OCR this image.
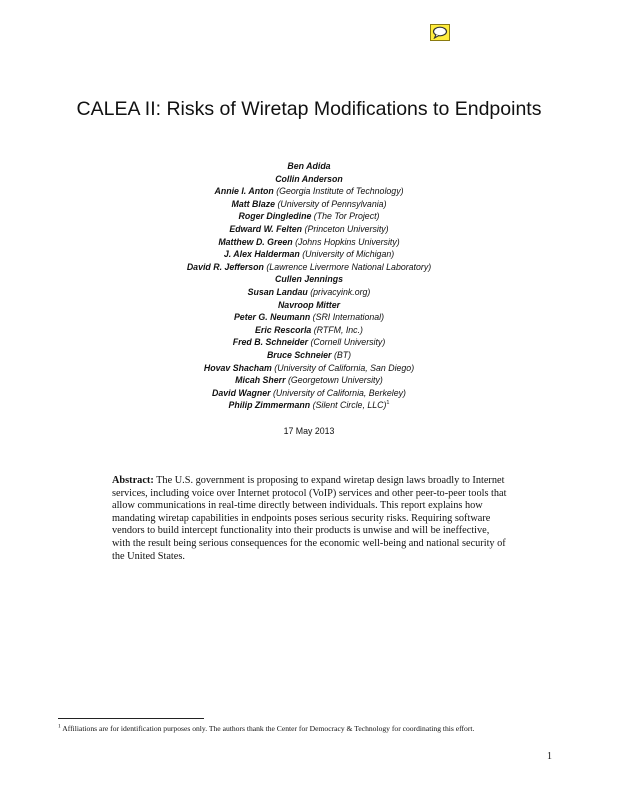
CALEA II: Risks of Wiretap Modifications to Endpoints
Ben Adida
Collin Anderson
Annie I. Anton (Georgia Institute of Technology)
Matt Blaze (University of Pennsylvania)
Roger Dingledine (The Tor Project)
Edward W. Felten (Princeton University)
Matthew D. Green (Johns Hopkins University)
J. Alex Halderman (University of Michigan)
David R. Jefferson (Lawrence Livermore National Laboratory)
Cullen Jennings
Susan Landau (privacyink.org)
Navroop Mitter
Peter G. Neumann (SRI International)
Eric Rescorla (RTFM, Inc.)
Fred B. Schneider (Cornell University)
Bruce Schneier (BT)
Hovav Shacham (University of California, San Diego)
Micah Sherr (Georgetown University)
David Wagner (University of California, Berkeley)
Philip Zimmermann (Silent Circle, LLC)$^1$
17 May 2013

Abstract: The U.S. government is proposing to expand wiretap design laws broadly to Internet services, including voice over Internet protocol (VoIP) services and other peer-to-peer tools that allow communications in real-time directly between individuals. This report explains how mandating wiretap capabilities in endpoints poses serious security risks. Requiring software vendors to build intercept functionality into their products is unwise and will be ineffective, with the result being serious consequences for the economic well-being and national security of the United States.

$^1$ Affiliations are for identification purposes only. The authors thank the Center for Democracy & Technology for coordinating this effort.
1
